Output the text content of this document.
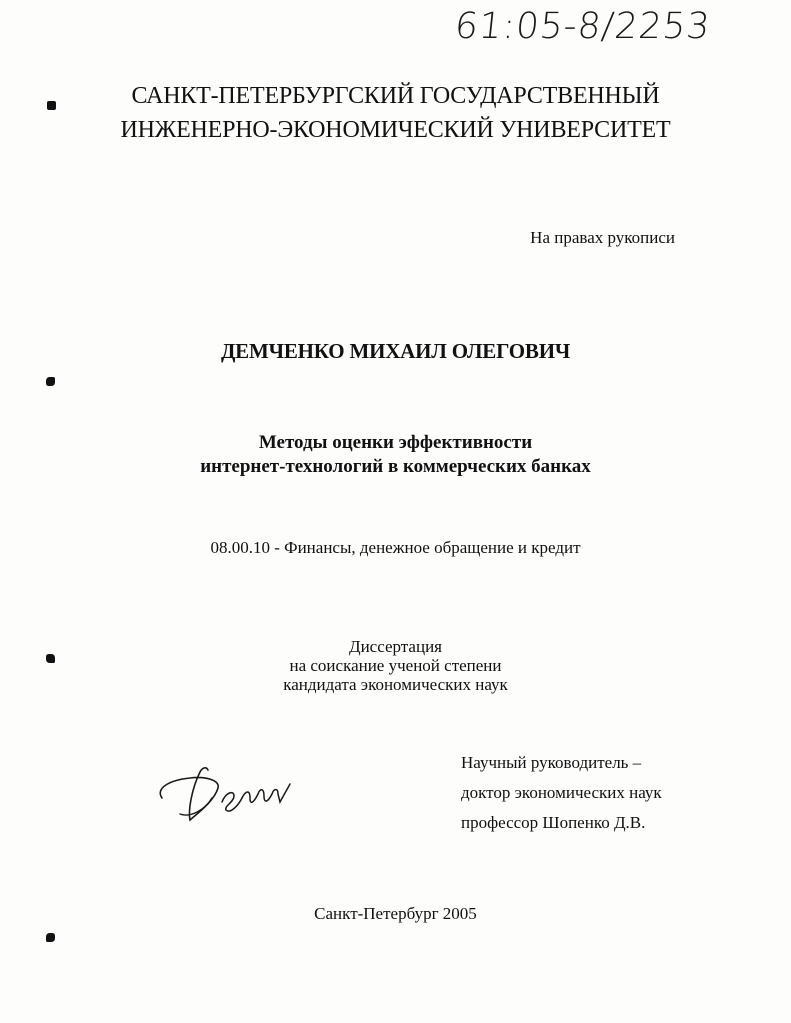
61:05-8/2253
САНКТ-ПЕТЕРБУРГСКИЙ ГОСУДАРСТВЕННЫЙ
ИНЖЕНЕРНО-ЭКОНОМИЧЕСКИЙ УНИВЕРСИТЕТ
На правах рукописи
ДЕМЧЕНКО МИХАИЛ ОЛЕГОВИЧ
Методы оценки эффективности
интернет-технологий в коммерческих банках
08.00.10 - Финансы, денежное обращение и кредит
Диссертация
на соискание ученой степени
кандидата экономических наук
Научный руководитель –
доктор экономических наук
профессор Шопенко Д.В.
Санкт-Петербург 2005
